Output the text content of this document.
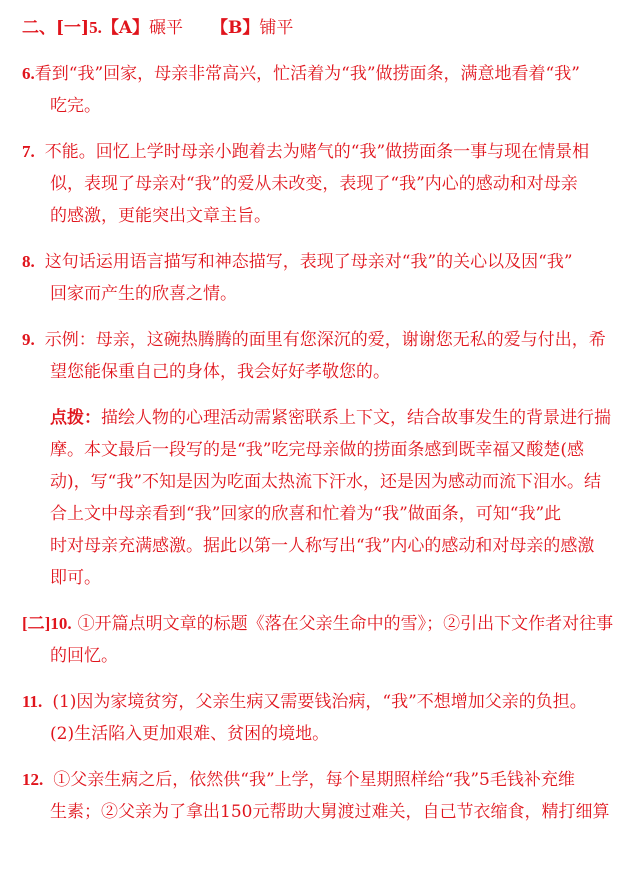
二、[一]5.【A】碾平 【B】铺平
6.看到“我”回家，母亲非常高兴，忙活着为“我”做捞面条，满意地看着“我”
吃完。
7. 不能。回忆上学时母亲小跑着去为赌气的“我”做捞面条一事与现在情景相
似，表现了母亲对“我”的爱从未改变，表现了“我”内心的感动和对母亲
的感激，更能突出文章主旨。
8. 这句话运用语言描写和神态描写，表现了母亲对“我”的关心以及因“我”
回家而产生的欣喜之情。
9. 示例：母亲，这碗热腾腾的面里有您深沉的爱，谢谢您无私的爱与付出，希
望您能保重自己的身体，我会好好孝敬您的。
点拨：描绘人物的心理活动需紧密联系上下文，结合故事发生的背景进行揣
摩。本文最后一段写的是“我”吃完母亲做的捞面条感到既幸福又酸楚(感
动)，写“我”不知是因为吃面太热流下汗水，还是因为感动而流下泪水。结
合上文中母亲看到“我”回家的欣喜和忙着为“我”做面条，可知“我”此
时对母亲充满感激。据此以第一人称写出“我”内心的感动和对母亲的感激
即可。
[二]10. ①开篇点明文章的标题《落在父亲生命中的雪》；②引出下文作者对往事
的回忆。
11. (1)因为家境贫穷，父亲生病又需要钱治病，“我”不想增加父亲的负担。
(2)生活陷入更加艰难、贫困的境地。
12. ①父亲生病之后，依然供“我”上学，每个星期照样给“我”5毛钱补充维
生素；②父亲为了拿出150元帮助大舅渡过难关，自己节衣缩食，精打细算
